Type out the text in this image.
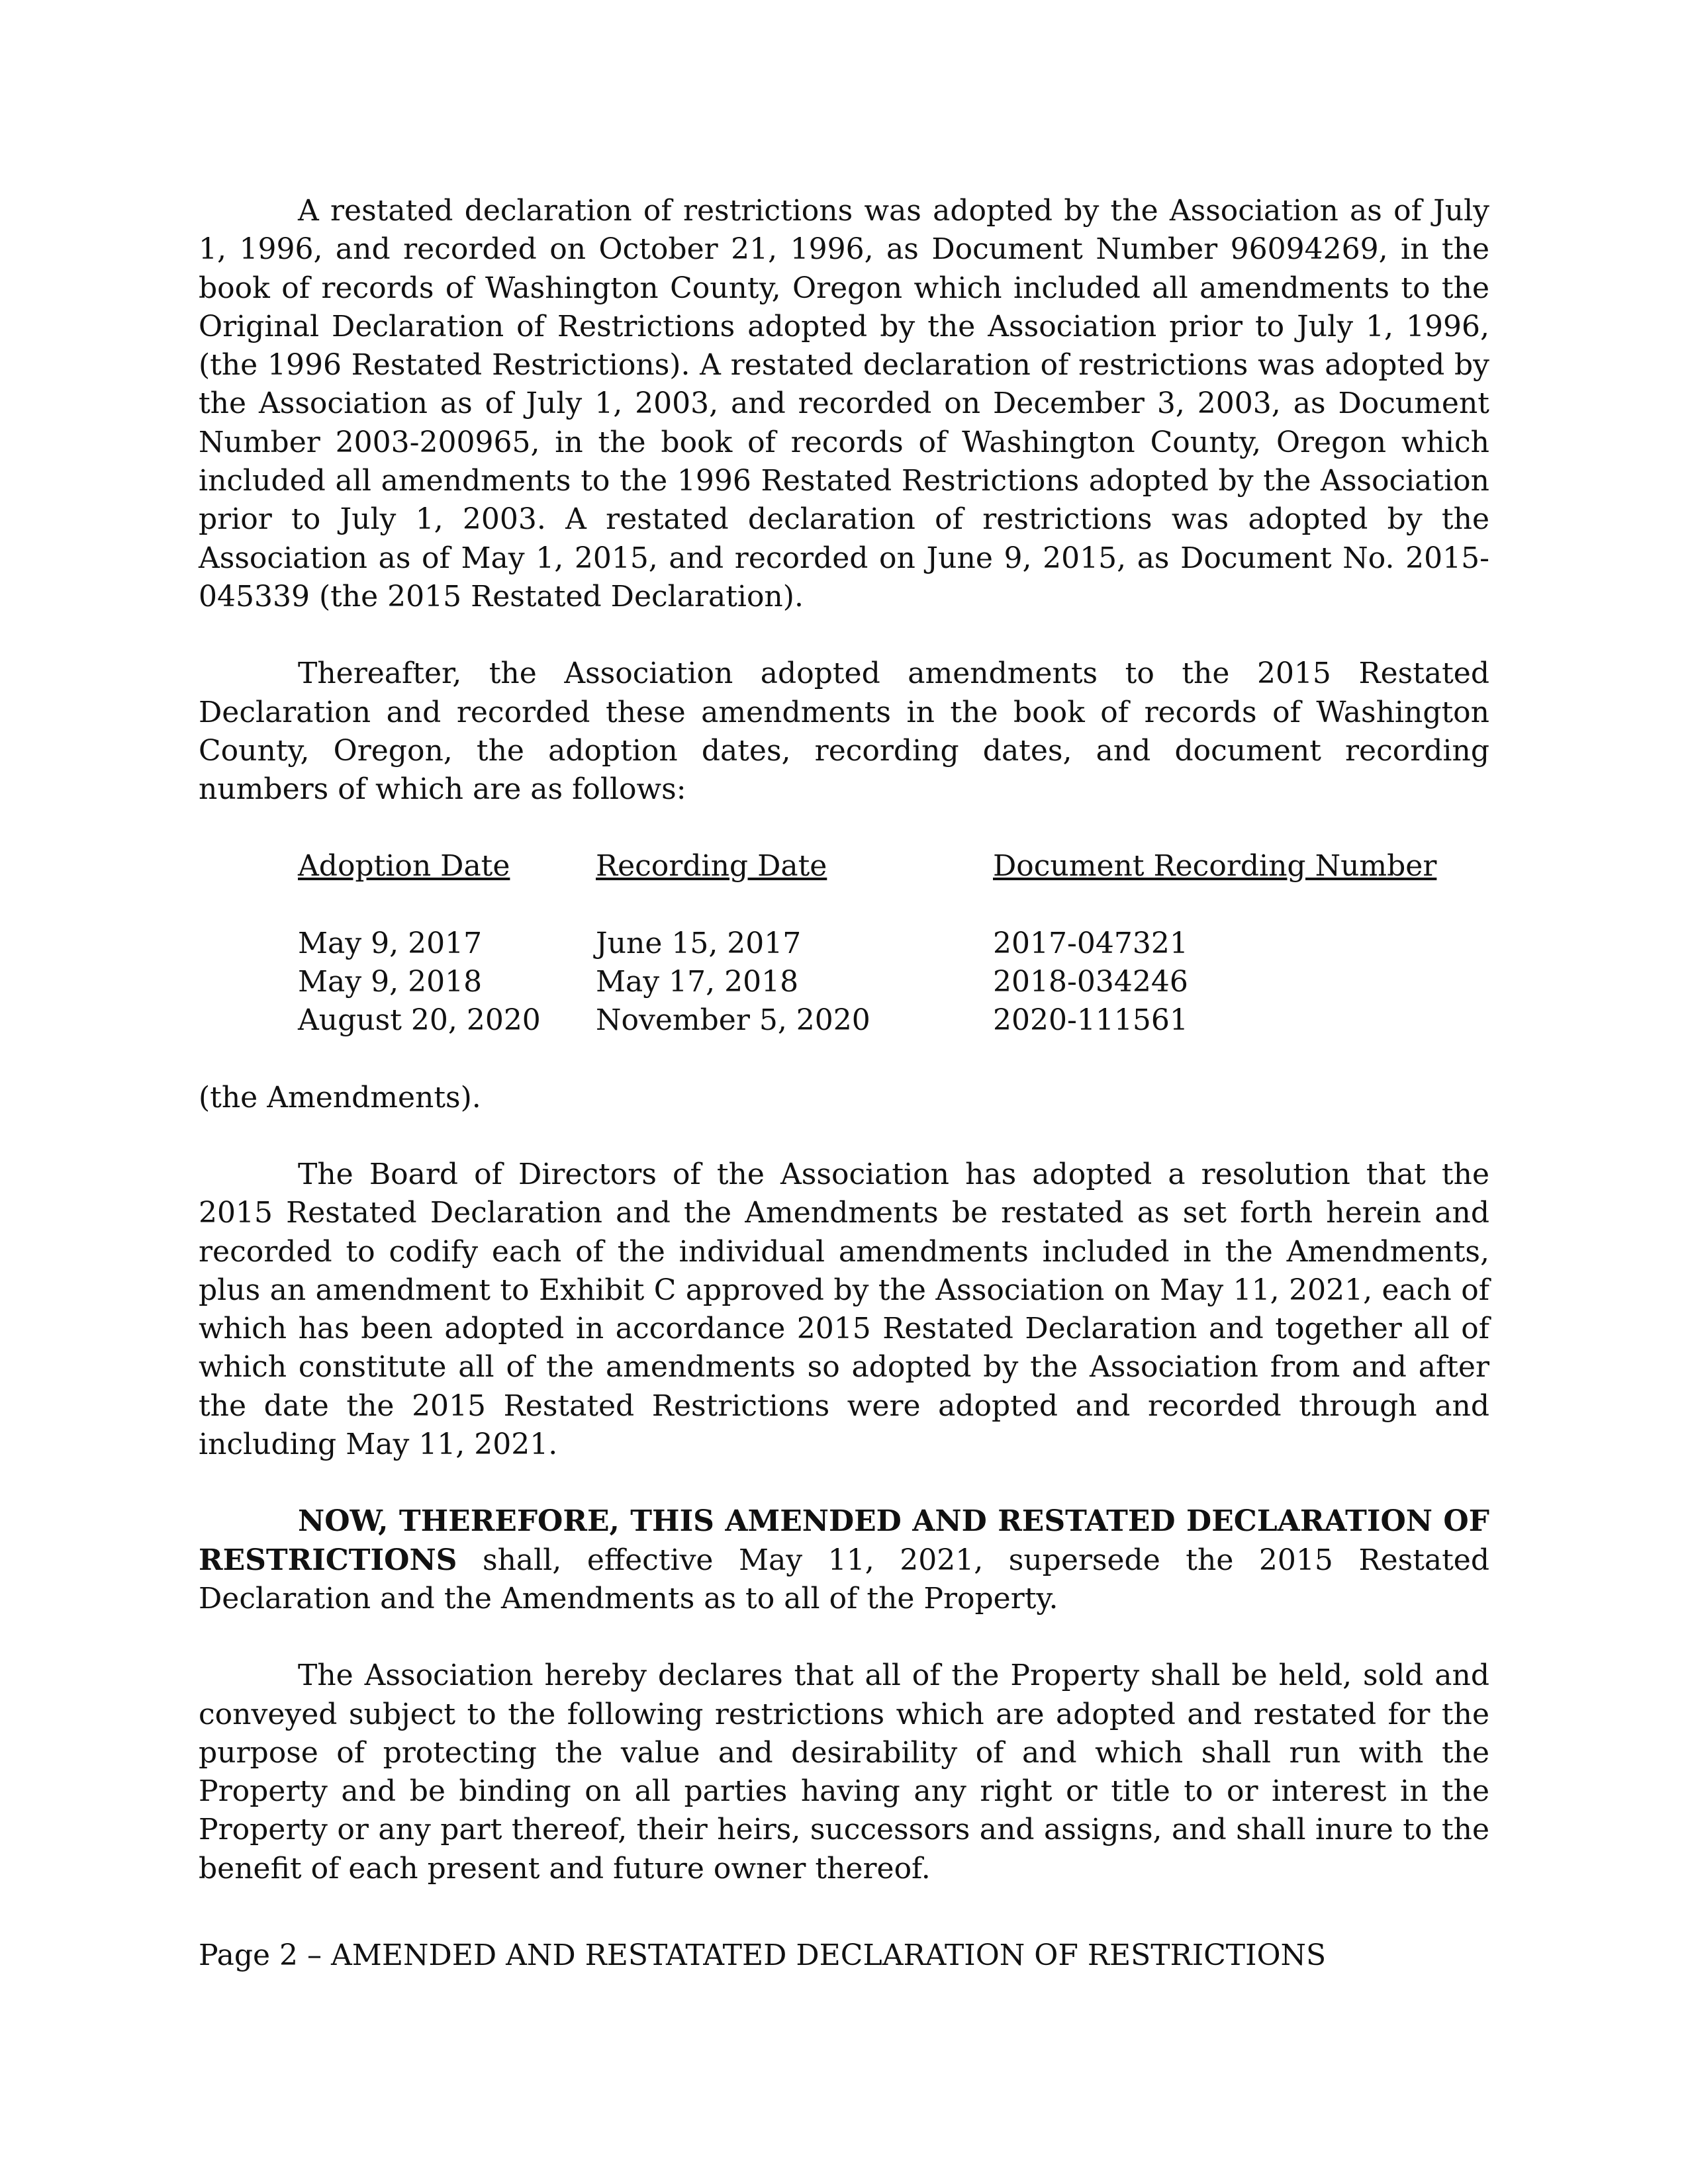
A restated declaration of restrictions was adopted by the Association as of July 1, 1996, and recorded on October 21, 1996, as Document Number 96094269, in the book of records of Washington County, Oregon which included all amendments to the Original Declaration of Restrictions adopted by the Association prior to July 1, 1996, (the 1996 Restated Restrictions). A restated declaration of restrictions was adopted by the Association as of July 1, 2003, and recorded on December 3, 2003, as Document Number 2003-200965, in the book of records of Washington County, Oregon which included all amendments to the 1996 Restated Restrictions adopted by the Association prior to July 1, 2003. A restated declaration of restrictions was adopted by the Association as of May 1, 2015, and recorded on June 9, 2015, as Document No. 2015-045339 (the 2015 Restated Declaration).

Thereafter, the Association adopted amendments to the 2015 Restated Declaration and recorded these amendments in the book of records of Washington County, Oregon, the adoption dates, recording dates, and document recording numbers of which are as follows:

Adoption Date	Recording Date	Document Recording Number
May 9, 2017	June 15, 2017	2017-047321
May 9, 2018	May 17, 2018	2018-034246
August 20, 2020	November 5, 2020	2020-111561

(the Amendments).

The Board of Directors of the Association has adopted a resolution that the 2015 Restated Declaration and the Amendments be restated as set forth herein and recorded to codify each of the individual amendments included in the Amendments, plus an amendment to Exhibit C approved by the Association on May 11, 2021, each of which has been adopted in accordance 2015 Restated Declaration and together all of which constitute all of the amendments so adopted by the Association from and after the date the 2015 Restated Restrictions were adopted and recorded through and including May 11, 2021.

NOW, THEREFORE, THIS AMENDED AND RESTATED DECLARATION OF RESTRICTIONS shall, effective May 11, 2021, supersede the 2015 Restated Declaration and the Amendments as to all of the Property.

The Association hereby declares that all of the Property shall be held, sold and conveyed subject to the following restrictions which are adopted and restated for the purpose of protecting the value and desirability of and which shall run with the Property and be binding on all parties having any right or title to or interest in the Property or any part thereof, their heirs, successors and assigns, and shall inure to the benefit of each present and future owner thereof.

Page 2 – AMENDED AND RESTATATED DECLARATION OF RESTRICTIONS
